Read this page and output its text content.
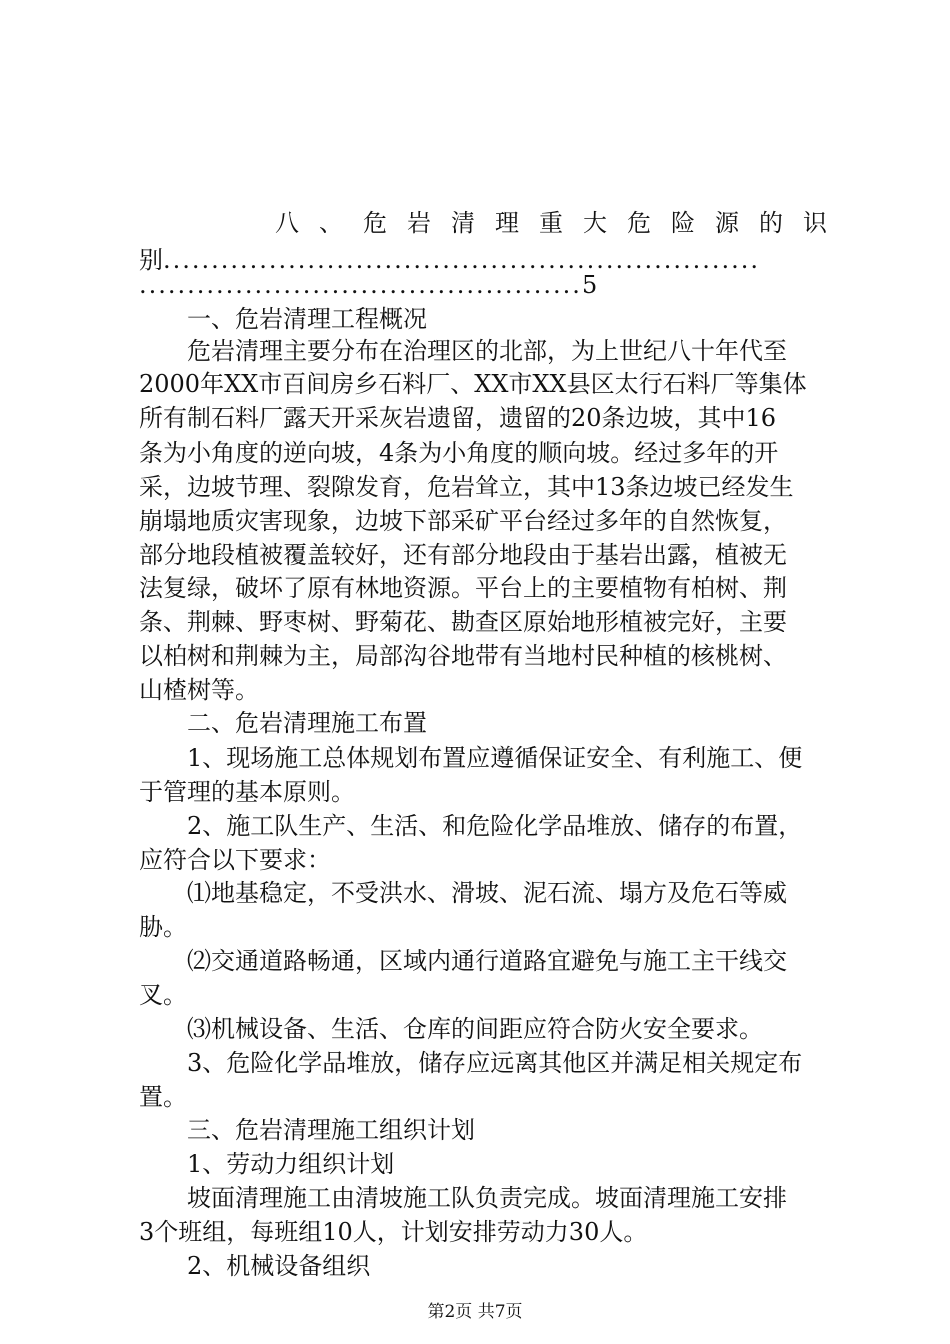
八、危岩清理重大危险源的识
别..............................................................
..............................................5
一、危岩清理工程概况
危岩清理主要分布在治理区的北部，为上世纪八十年代至
2000年XX市百间房乡石料厂、XX市XX县区太行石料厂等集体
所有制石料厂露天开采灰岩遗留，遗留的20条边坡，其中16
条为小角度的逆向坡，4条为小角度的顺向坡。经过多年的开
采，边坡节理、裂隙发育，危岩耸立，其中13条边坡已经发生
崩塌地质灾害现象，边坡下部采矿平台经过多年的自然恢复，
部分地段植被覆盖较好，还有部分地段由于基岩出露，植被无
法复绿，破坏了原有林地资源。平台上的主要植物有柏树、荆
条、荆棘、野枣树、野菊花、勘查区原始地形植被完好，主要
以柏树和荆棘为主，局部沟谷地带有当地村民种植的核桃树、
山楂树等。
二、危岩清理施工布置
1、现场施工总体规划布置应遵循保证安全、有利施工、便
于管理的基本原则。
2、施工队生产、生活、和危险化学品堆放、储存的布置，
应符合以下要求：
⑴地基稳定，不受洪水、滑坡、泥石流、塌方及危石等威
胁。
⑵交通道路畅通，区域内通行道路宜避免与施工主干线交
叉。
⑶机械设备、生活、仓库的间距应符合防火安全要求。
3、危险化学品堆放，储存应远离其他区并满足相关规定布
置。
三、危岩清理施工组织计划
1、劳动力组织计划
坡面清理施工由清坡施工队负责完成。坡面清理施工安排
3个班组，每班组10人，计划安排劳动力30人。
2、机械设备组织
第2页 共7页
